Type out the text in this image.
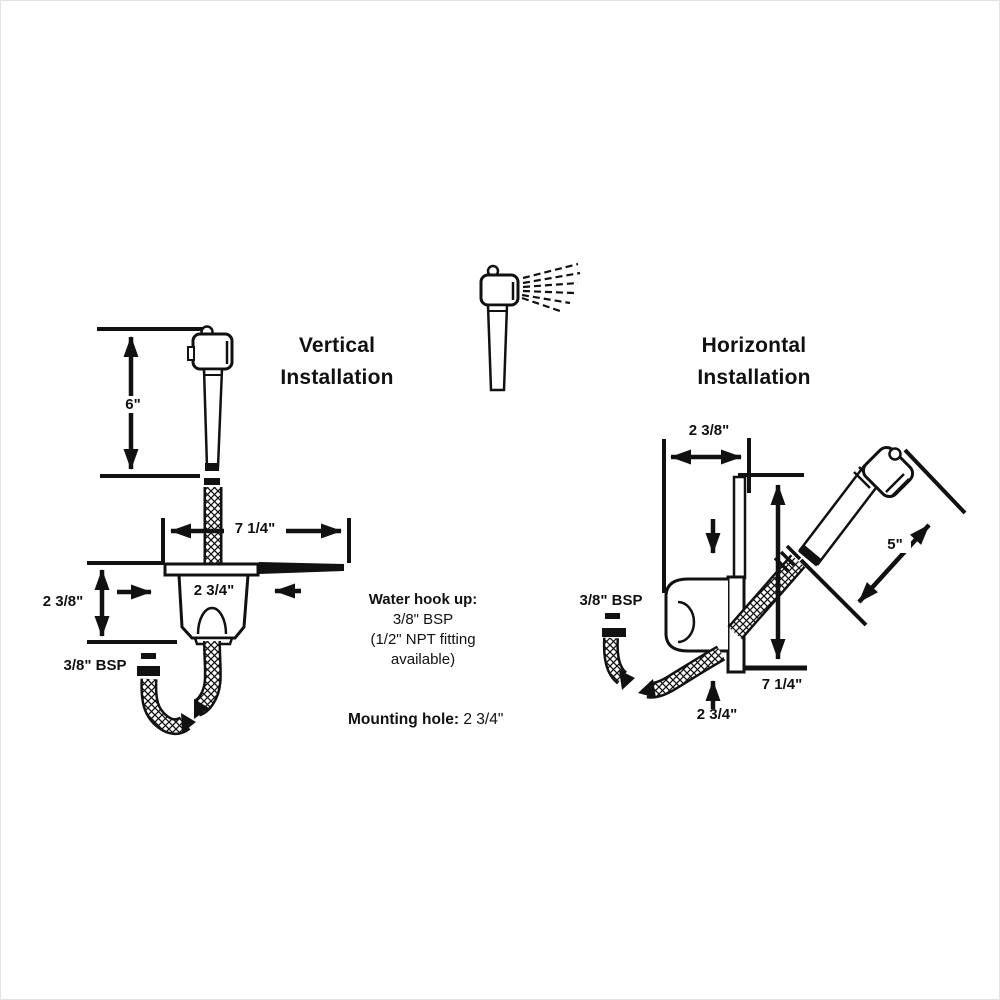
Vertical Installation
Horizontal Installation
6"
7 1/4"
2 3/4"
2 3/8"
3/8" BSP
2 3/8"
5"
7 1/4"
2 3/4"
3/8" BSP
Water hook up:
3/8" BSP
(1/2" NPT fitting
available)
Mounting hole: 2 3/4"
